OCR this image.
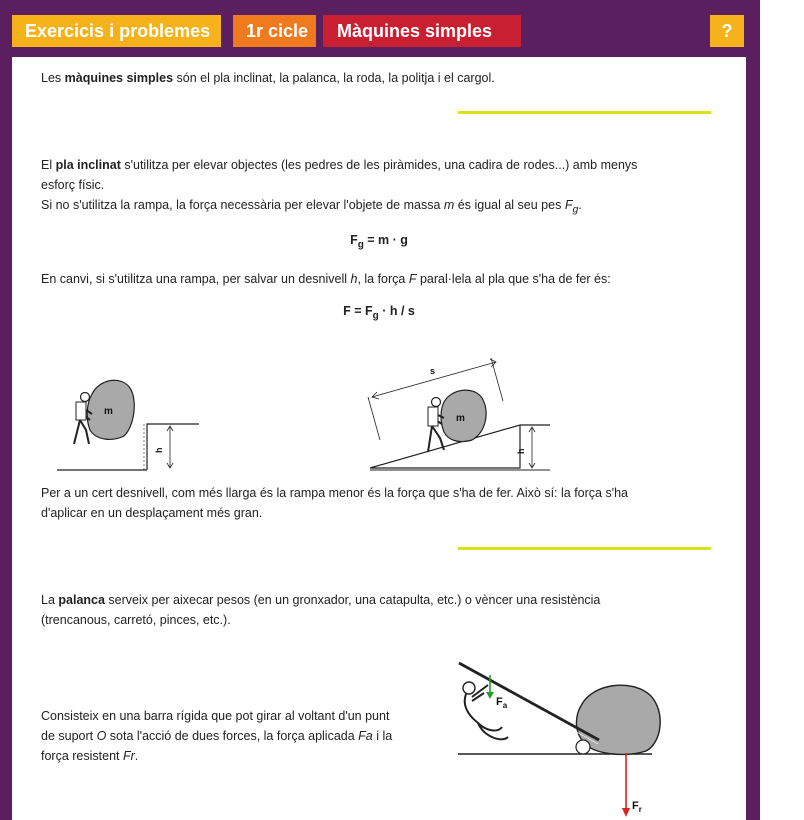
Exercicis i problemes	1r cicle	Màquines simples	?
Les màquines simples són el pla inclinat, la palanca, la roda, la politja i el cargol.
El pla inclinat s'utilitza per elevar objectes (les pedres de les piràmides, una cadira de rodes...) amb menys
esforç físic.
Si no s'utilitza la rampa, la força necessària per elevar l'objete de massa m és igual al seu pes $F_g$.
$F_g = m \cdot g$
En canvi, si s'utilitza una rampa, per salvar un desnivell h, la força F paral·lela al pla que s'ha de fer és:
$F = F_g \cdot h / s$
m
h	h
s
m
Per a un cert desnivell, com més llarga és la rampa menor és la força que s'ha de fer. Això sí: la força s'ha
d'aplicar en un desplaçament més gran.
La palanca serveix per aixecar pesos (en un gronxador, una catapulta, etc.) o vèncer una resistència
(trencanous, carretó, pinces, etc.).
Consisteix en una barra rígida que pot girar al voltant d'un punt
de suport O sota l'acció de dues forces, la força aplicada Fa i la
força resistent Fr.
$F_a$
$F_r$
